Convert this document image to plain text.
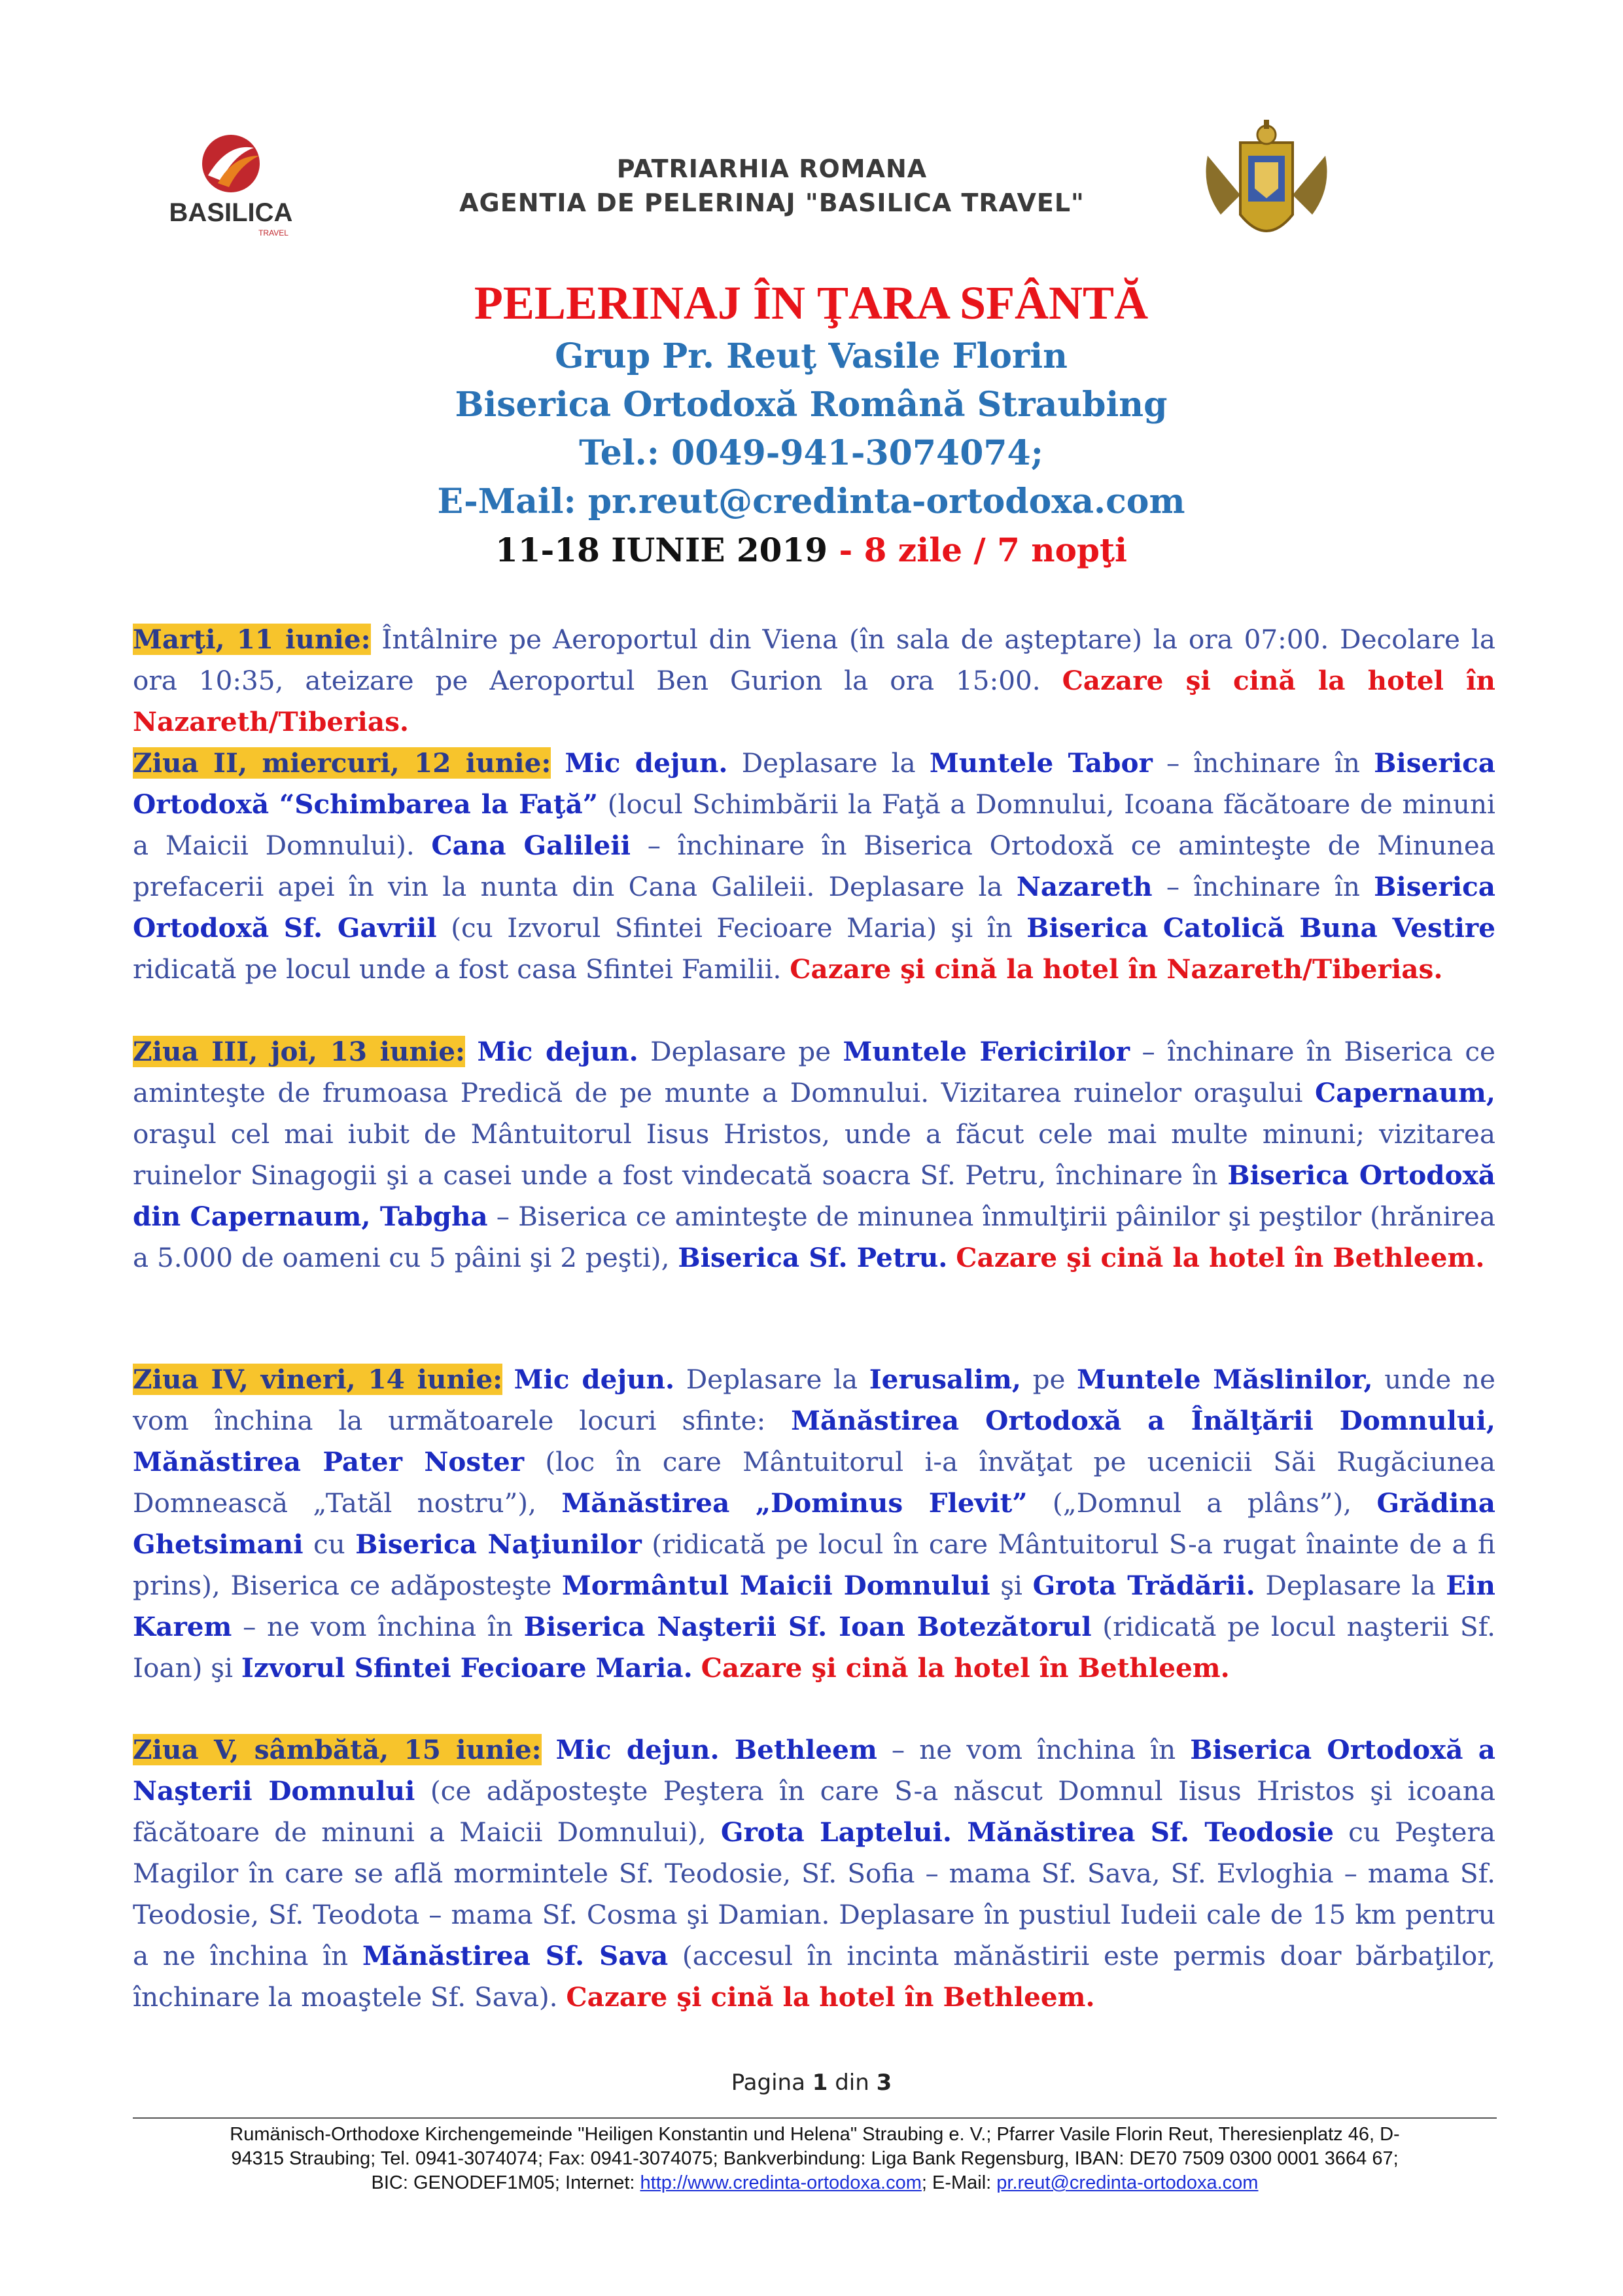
BASILICA
TRAVEL
PATRIARHIA ROMANA
AGENTIA DE PELERINAJ "BASILICA TRAVEL"
PELERINAJ ÎN ŢARA SFÂNTĂ
Grup Pr. Reuţ Vasile Florin
Biserica Ortodoxă Română Straubing
Tel.: 0049-941-3074074;
E-Mail: pr.reut@credinta-ortodoxa.com
11-18 IUNIE 2019 - 8 zile / 7 nopţi
Marţi, 11 iunie: Întâlnire pe Aeroportul din Viena (în sala de aşteptare) la ora 07:00. Decolare la ora 10:35, ateizare pe Aeroportul Ben Gurion la ora 15:00. Cazare şi cină la hotel în Nazareth/Tiberias.
Ziua II, miercuri, 12 iunie: Mic dejun. Deplasare la Muntele Tabor – închinare în Biserica Ortodoxă “Schimbarea la Faţă” (locul Schimbării la Faţă a Domnului, Icoana făcătoare de minuni a Maicii Domnului). Cana Galileii – închinare în Biserica Ortodoxă ce aminteşte de Minunea prefacerii apei în vin la nunta din Cana Galileii. Deplasare la Nazareth – închinare în Biserica Ortodoxă Sf. Gavriil (cu Izvorul Sfintei Fecioare Maria) şi în Biserica Catolică Buna Vestire ridicată pe locul unde a fost casa Sfintei Familii. Cazare şi cină la hotel în Nazareth/Tiberias.
Ziua III, joi, 13 iunie: Mic dejun. Deplasare pe Muntele Fericirilor – închinare în Biserica ce aminteşte de frumoasa Predică de pe munte a Domnului. Vizitarea ruinelor oraşului Capernaum, oraşul cel mai iubit de Mântuitorul Iisus Hristos, unde a făcut cele mai multe minuni; vizitarea ruinelor Sinagogii şi a casei unde a fost vindecată soacra Sf. Petru, închinare în Biserica Ortodoxă din Capernaum, Tabgha – Biserica ce aminteşte de minunea înmulţirii pâinilor şi peştilor (hrănirea a 5.000 de oameni cu 5 pâini şi 2 peşti), Biserica Sf. Petru. Cazare şi cină la hotel în Bethleem.
Ziua IV, vineri, 14 iunie: Mic dejun. Deplasare la Ierusalim, pe Muntele Măslinilor, unde ne vom închina la următoarele locuri sfinte: Mănăstirea Ortodoxă a Înălţării Domnului, Mănăstirea Pater Noster (loc în care Mântuitorul i-a învăţat pe ucenicii Săi Rugăciunea Domnească „Tatăl nostru”), Mănăstirea „Dominus Flevit” („Domnul a plâns”), Grădina Ghetsimani cu Biserica Naţiunilor (ridicată pe locul în care Mântuitorul S-a rugat înainte de a fi prins), Biserica ce adăposteşte Mormântul Maicii Domnului şi Grota Trădării. Deplasare la Ein Karem – ne vom închina în Biserica Naşterii Sf. Ioan Botezătorul (ridicată pe locul naşterii Sf. Ioan) şi Izvorul Sfintei Fecioare Maria. Cazare şi cină la hotel în Bethleem.
Ziua V, sâmbătă, 15 iunie: Mic dejun. Bethleem – ne vom închina în Biserica Ortodoxă a Naşterii Domnului (ce adăposteşte Peştera în care S-a născut Domnul Iisus Hristos şi icoana făcătoare de minuni a Maicii Domnului), Grota Laptelui. Mănăstirea Sf. Teodosie cu Peştera Magilor în care se află mormintele Sf. Teodosie, Sf. Sofia – mama Sf. Sava, Sf. Evloghia – mama Sf. Teodosie, Sf. Teodota – mama Sf. Cosma şi Damian. Deplasare în pustiul Iudeii cale de 15 km pentru a ne închina în Mănăstirea Sf. Sava (accesul în incinta mănăstirii este permis doar bărbaţilor, închinare la moaştele Sf. Sava). Cazare şi cină la hotel în Bethleem.
Pagina 1 din 3
Rumänisch-Orthodoxe Kirchengemeinde "Heiligen Konstantin und Helena" Straubing e. V.; Pfarrer Vasile Florin Reut, Theresienplatz 46, D-
94315 Straubing; Tel. 0941-3074074; Fax: 0941-3074075; Bankverbindung: Liga Bank Regensburg, IBAN: DE70 7509 0300 0001 3664 67;
BIC: GENODEF1M05; Internet: http://www.credinta-ortodoxa.com; E-Mail: pr.reut@credinta-ortodoxa.com
